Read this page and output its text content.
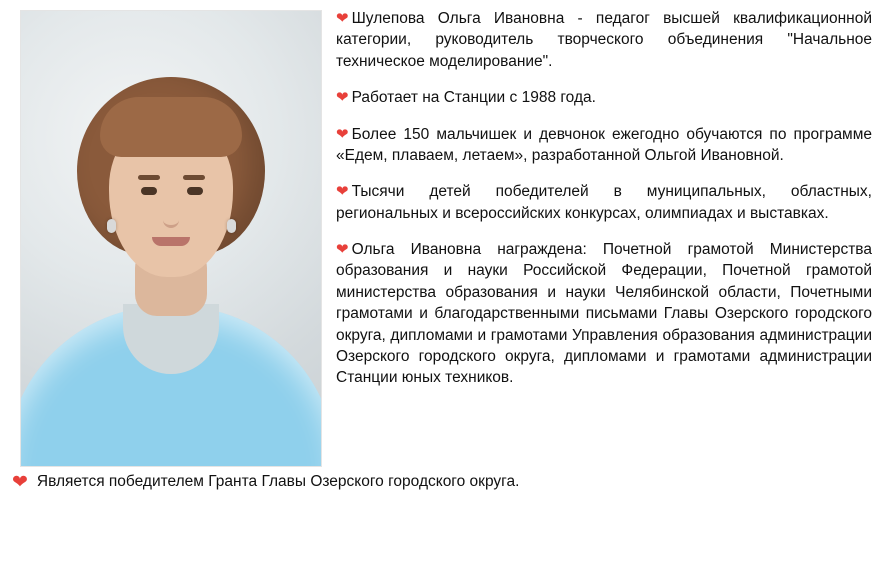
❤ Шулепова Ольга Ивановна - педагог высшей квалификационной категории, руководитель творческого объединения "Начальное техническое моделирование".

❤ Работает на Станции с 1988 года.

❤ Более 150 мальчишек и девчонок ежегодно обучаются по программе «Едем, плаваем, летаем», разработанной Ольгой Ивановной.

❤ Тысячи детей победителей в муниципальных, областных, региональных и всероссийских конкурсах, олимпиадах и выставках.

❤ Ольга Ивановна награждена: Почетной грамотой Министерства образования и науки Российской Федерации, Почетной грамотой министерства образования и науки Челябинской области, Почетными грамотами и благодарственными письмами Главы Озерского городского округа, дипломами и грамотами Управления образования администрации Озерского городского округа, дипломами и грамотами администрации Станции юных техников.

❤ Является победителем Гранта Главы Озерского городского округа.
